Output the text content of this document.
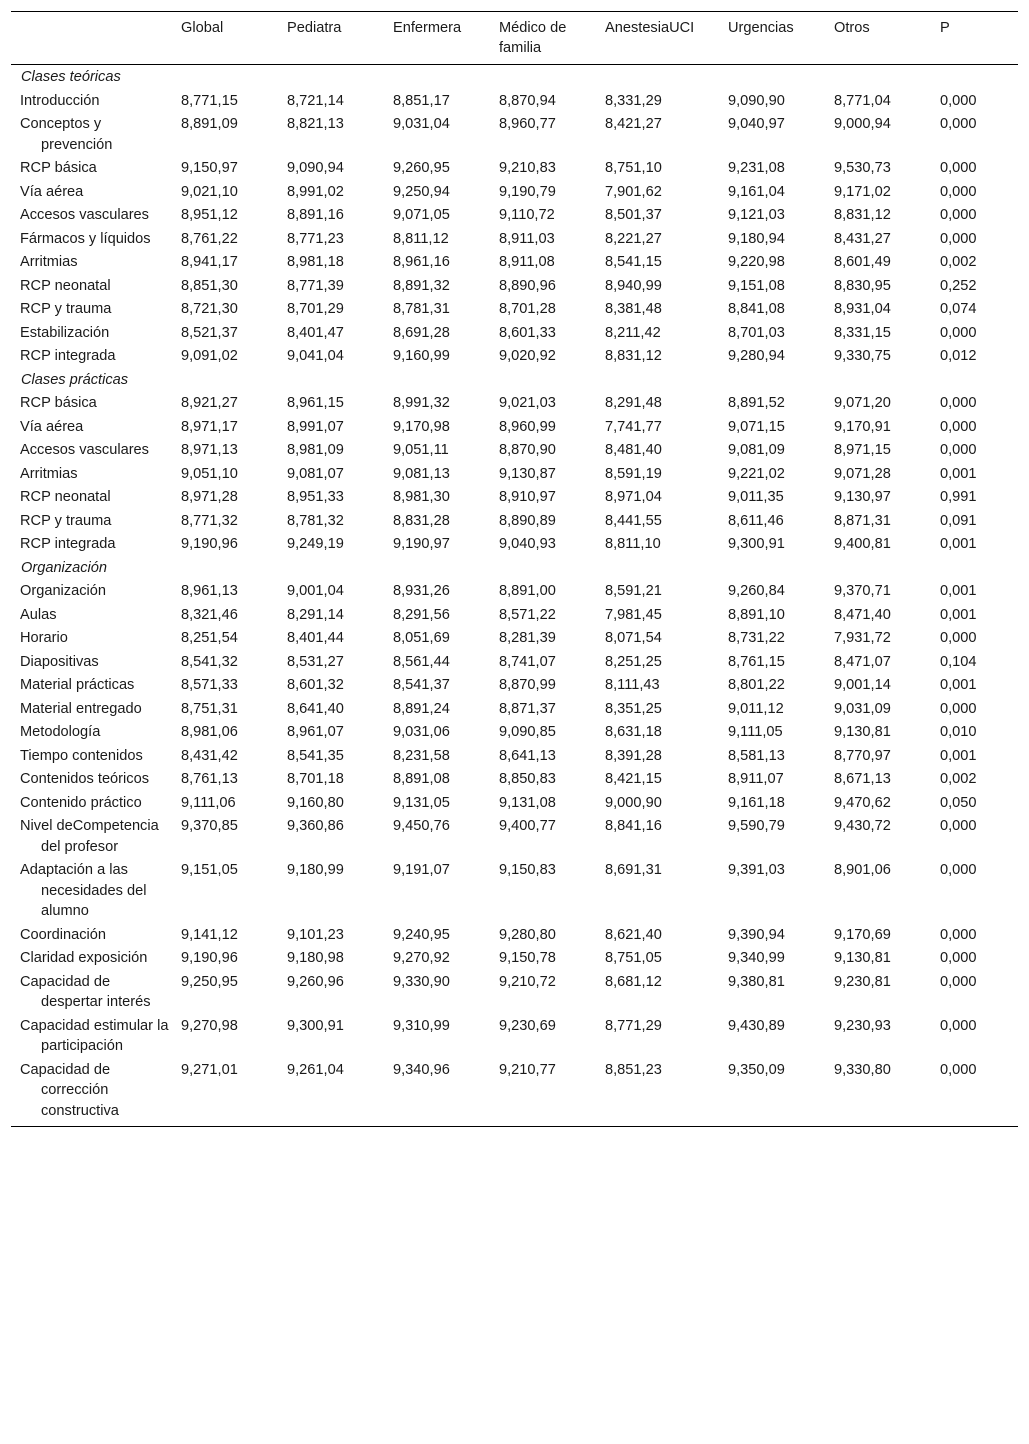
	Global	Pediatra	Enfermera	Médico de familia	AnestesiaUCI	Urgencias	Otros	P
Clases teóricas								
Introducción	8,771,15	8,721,14	8,851,17	8,870,94	8,331,29	9,090,90	8,771,04	0,000
Conceptos y prevención	8,891,09	8,821,13	9,031,04	8,960,77	8,421,27	9,040,97	9,000,94	0,000
RCP básica	9,150,97	9,090,94	9,260,95	9,210,83	8,751,10	9,231,08	9,530,73	0,000
Vía aérea	9,021,10	8,991,02	9,250,94	9,190,79	7,901,62	9,161,04	9,171,02	0,000
Accesos vasculares	8,951,12	8,891,16	9,071,05	9,110,72	8,501,37	9,121,03	8,831,12	0,000
Fármacos y líquidos	8,761,22	8,771,23	8,811,12	8,911,03	8,221,27	9,180,94	8,431,27	0,000
Arritmias	8,941,17	8,981,18	8,961,16	8,911,08	8,541,15	9,220,98	8,601,49	0,002
RCP neonatal	8,851,30	8,771,39	8,891,32	8,890,96	8,940,99	9,151,08	8,830,95	0,252
RCP y trauma	8,721,30	8,701,29	8,781,31	8,701,28	8,381,48	8,841,08	8,931,04	0,074
Estabilización	8,521,37	8,401,47	8,691,28	8,601,33	8,211,42	8,701,03	8,331,15	0,000
RCP integrada	9,091,02	9,041,04	9,160,99	9,020,92	8,831,12	9,280,94	9,330,75	0,012
Clases prácticas								
RCP básica	8,921,27	8,961,15	8,991,32	9,021,03	8,291,48	8,891,52	9,071,20	0,000
Vía aérea	8,971,17	8,991,07	9,170,98	8,960,99	7,741,77	9,071,15	9,170,91	0,000
Accesos vasculares	8,971,13	8,981,09	9,051,11	8,870,90	8,481,40	9,081,09	8,971,15	0,000
Arritmias	9,051,10	9,081,07	9,081,13	9,130,87	8,591,19	9,221,02	9,071,28	0,001
RCP neonatal	8,971,28	8,951,33	8,981,30	8,910,97	8,971,04	9,011,35	9,130,97	0,991
RCP y trauma	8,771,32	8,781,32	8,831,28	8,890,89	8,441,55	8,611,46	8,871,31	0,091
RCP integrada	9,190,96	9,249,19	9,190,97	9,040,93	8,811,10	9,300,91	9,400,81	0,001
Organización								
Organización	8,961,13	9,001,04	8,931,26	8,891,00	8,591,21	9,260,84	9,370,71	0,001
Aulas	8,321,46	8,291,14	8,291,56	8,571,22	7,981,45	8,891,10	8,471,40	0,001
Horario	8,251,54	8,401,44	8,051,69	8,281,39	8,071,54	8,731,22	7,931,72	0,000
Diapositivas	8,541,32	8,531,27	8,561,44	8,741,07	8,251,25	8,761,15	8,471,07	0,104
Material prácticas	8,571,33	8,601,32	8,541,37	8,870,99	8,111,43	8,801,22	9,001,14	0,001
Material entregado	8,751,31	8,641,40	8,891,24	8,871,37	8,351,25	9,011,12	9,031,09	0,000
Metodología	8,981,06	8,961,07	9,031,06	9,090,85	8,631,18	9,111,05	9,130,81	0,010
Tiempo contenidos	8,431,42	8,541,35	8,231,58	8,641,13	8,391,28	8,581,13	8,770,97	0,001
Contenidos teóricos	8,761,13	8,701,18	8,891,08	8,850,83	8,421,15	8,911,07	8,671,13	0,002
Contenido práctico	9,111,06	9,160,80	9,131,05	9,131,08	9,000,90	9,161,18	9,470,62	0,050
Nivel deCompetencia del profesor	9,370,85	9,360,86	9,450,76	9,400,77	8,841,16	9,590,79	9,430,72	0,000
Adaptación a las necesidades del alumno	9,151,05	9,180,99	9,191,07	9,150,83	8,691,31	9,391,03	8,901,06	0,000
Coordinación	9,141,12	9,101,23	9,240,95	9,280,80	8,621,40	9,390,94	9,170,69	0,000
Claridad exposición	9,190,96	9,180,98	9,270,92	9,150,78	8,751,05	9,340,99	9,130,81	0,000
Capacidad de despertar interés	9,250,95	9,260,96	9,330,90	9,210,72	8,681,12	9,380,81	9,230,81	0,000
Capacidad estimular la participación	9,270,98	9,300,91	9,310,99	9,230,69	8,771,29	9,430,89	9,230,93	0,000
Capacidad de corrección constructiva	9,271,01	9,261,04	9,340,96	9,210,77	8,851,23	9,350,09	9,330,80	0,000
